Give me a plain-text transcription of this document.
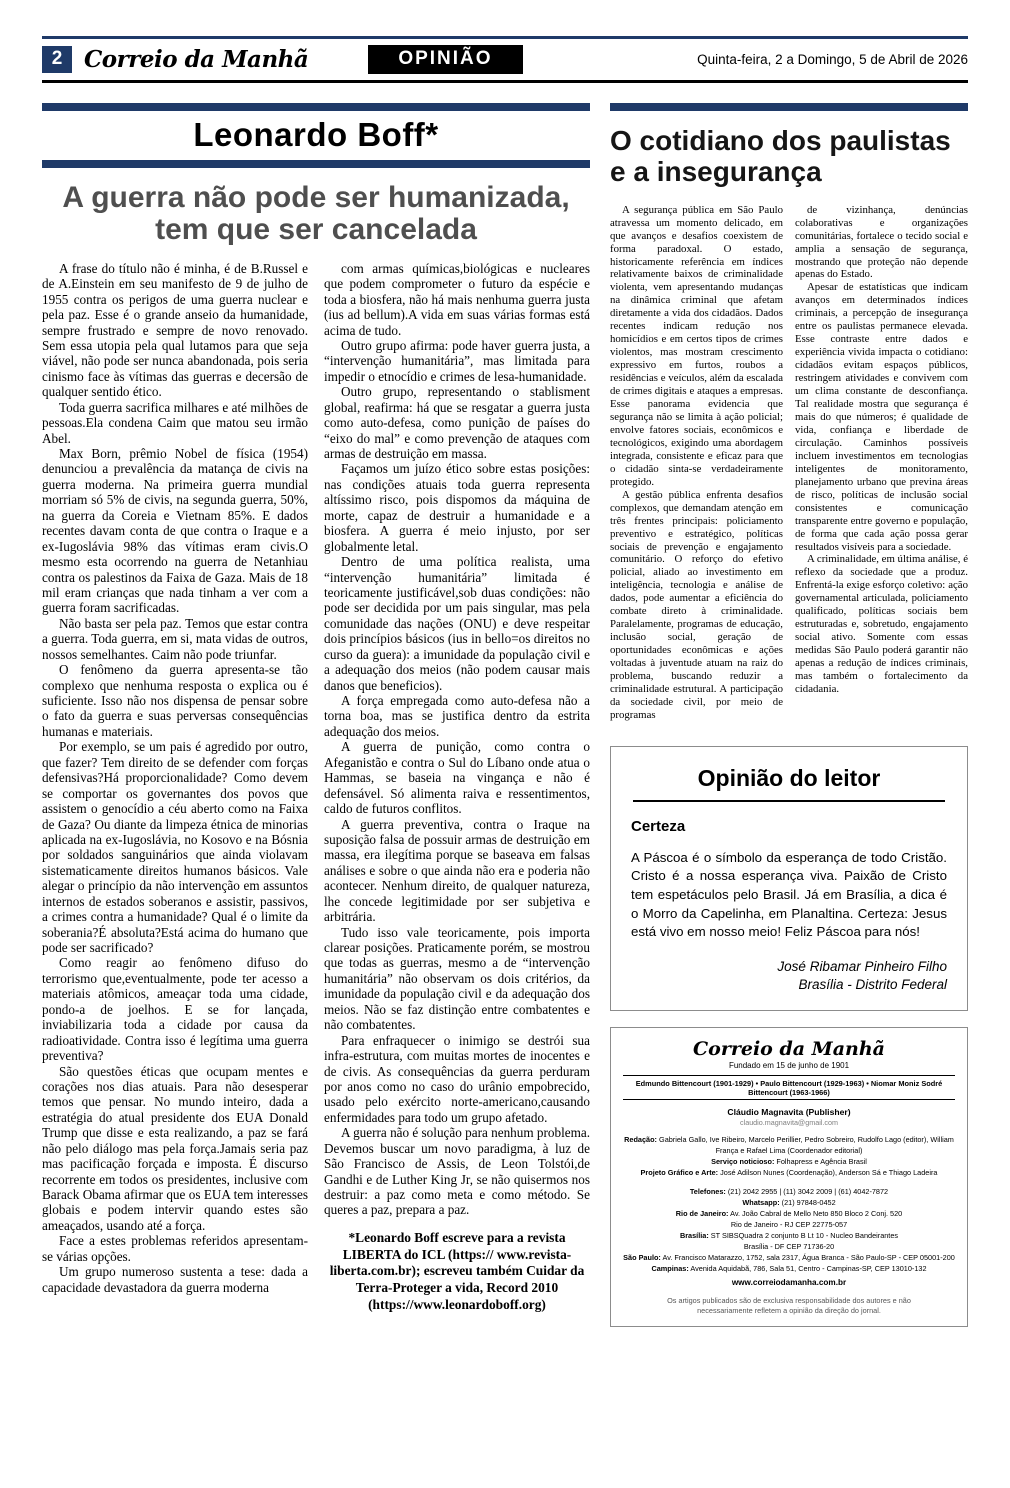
2 Correio da Manhã	OPINIÃO	Quinta-feira, 2 a Domingo, 5 de Abril de 2026
Leonardo Boff*
A guerra não pode ser humanizada, tem que ser cancelada

A frase do título não é minha, é de B.Russel e de A.Einstein em seu manifesto de 9 de julho de 1955 contra os perigos de uma guerra nuclear e pela paz. Esse é o grande anseio da humanidade, sempre frustrado e sempre de novo renovado. Sem essa utopia pela qual lutamos para que seja viável, não pode ser nunca abandonada, pois seria cinismo face às vítimas das guerras e decersão de qualquer sentido ético.

Toda guerra sacrifica milhares e até milhões de pessoas.Ela condena Caim que matou seu irmão Abel.

Max Born, prêmio Nobel de física (1954) denunciou a prevalência da matança de civis na guerra moderna. Na primeira guerra mundial morriam só 5% de civis, na segunda guerra, 50%, na guerra da Coreia e Vietnam 85%. E dados recentes davam conta de que contra o Iraque e a ex-Iugoslávia 98% das vítimas eram civis.O mesmo esta ocorrendo na guerra de Netanhiau contra os palestinos da Faixa de Gaza. Mais de 18 mil eram crianças que nada tinham a ver com a guerra foram sacrificadas.

Não basta ser pela paz. Temos que estar contra a guerra. Toda guerra, em si, mata vidas de outros, nossos semelhantes. Caim não pode triunfar.

O fenômeno da guerra apresenta-se tão complexo que nenhuma resposta o explica ou é suficiente. Isso não nos dispensa de pensar sobre o fato da guerra e suas perversas consequências humanas e materiais.

Por exemplo, se um pais é agredido por outro, que fazer? Tem direito de se defender com forças defensivas?Há proporcionalidade? Como devem se comportar os governantes dos povos que assistem o genocídio a céu aberto como na Faixa de Gaza? Ou diante da limpeza étnica de minorias aplicada na ex-Iugoslávia, no Kosovo e na Bósnia por soldados sanguinários que ainda violavam sistematicamente direitos humanos básicos. Vale alegar o princípio da não intervenção em assuntos internos de estados soberanos e assistir, passivos, a crimes contra a humanidade? Qual é o limite da soberania?É absoluta?Está acima do humano que pode ser sacrificado?

Como reagir ao fenômeno difuso do terrorismo que,eventualmente, pode ter acesso a materiais atômicos, ameaçar toda uma cidade, pondo-a de joelhos. E se for lançada, inviabilizaria toda a cidade por causa da radioatividade. Contra isso é legítima uma guerra preventiva?

São questões éticas que ocupam mentes e corações nos dias atuais. Para não desesperar temos que pensar. No mundo inteiro, dada a estratégia do atual presidente dos EUA Donald Trump que disse e esta realizando, a paz se fará não pelo diálogo mas pela força.Jamais seria paz mas pacificação forçada e imposta. É discurso recorrente em todos os presidentes, inclusive com Barack Obama afirmar que os EUA tem interesses globais e podem intervir quando estes são ameaçados, usando até a força.

Face a estes problemas referidos apresentam-se várias opções.

Um grupo numeroso sustenta a tese: dada a capacidade devastadora da guerra moderna

com armas químicas,biológicas e nucleares que podem comprometer o futuro da espécie e toda a biosfera, não há mais nenhuma guerra justa (ius ad bellum).A vida em suas várias formas está acima de tudo.

Outro grupo afirma: pode haver guerra justa, a “intervenção humanitária”, mas limitada para impedir o etnocídio e crimes de lesa-humanidade.

Outro grupo, representando o stablisment global, reafirma: há que se resgatar a guerra justa como auto-defesa, como punição de países do “eixo do mal” e como prevenção de ataques com armas de destruição em massa.

Façamos um juízo ético sobre estas posições: nas condições atuais toda guerra representa altíssimo risco, pois dispomos da máquina de morte, capaz de destruir a humanidade e a biosfera. A guerra é meio injusto, por ser globalmente letal.

Dentro de uma política realista, uma “intervenção humanitária” limitada é teoricamente justificável,sob duas condições: não pode ser decidida por um pais singular, mas pela comunidade das nações (ONU) e deve respeitar dois princípios básicos (ius in bello=os direitos no curso da guera): a imunidade da população civil e a adequação dos meios (não podem causar mais danos que beneficios).

A força empregada como auto-defesa não a torna boa, mas se justifica dentro da estrita adequação dos meios.

A guerra de punição, como contra o Afeganistão e contra o Sul do Líbano onde atua o Hammas, se baseia na vingança e não é defensável. Só alimenta raiva e ressentimentos, caldo de futuros conflitos.

A guerra preventiva, contra o Iraque na suposição falsa de possuir armas de destruição em massa, era ilegítima porque se baseava em falsas análises e sobre o que ainda não era e poderia não acontecer. Nenhum direito, de qualquer natureza, lhe concede legitimidade por ser subjetiva e arbitrária.

Tudo isso vale teoricamente, pois importa clarear posições. Praticamente porém, se mostrou que todas as guerras, mesmo a de “intervenção humanitária” não observam os dois critérios, da imunidade da população civil e da adequação dos meios. Não se faz distinção entre combatentes e não combatentes.

Para enfraquecer o inimigo se destrói sua infra-estrutura, com muitas mortes de inocentes e de civis. As consequências da guerra perduram por anos como no caso do urânio empobrecido, usado pelo exército norte-americano,causando enfermidades para todo um grupo afetado.

A guerra não é solução para nenhum problema. Devemos buscar um novo paradigma, à luz de São Francisco de Assis, de Leon Tolstói,de Gandhi e de Luther King Jr, se não quisermos nos destruir: a paz como meta e como método. Se queres a paz, prepara a paz.

*Leonardo Boff escreve para a revista LIBERTA do ICL (https:// www.revista-liberta.com.br); escreveu também Cuidar da Terra-Proteger a vida, Record 2010 (https://www.leonardoboff.org)

O cotidiano dos paulistas e a insegurança

A segurança pública em São Paulo atravessa um momento delicado, em que avanços e desafios coexistem de forma paradoxal. O estado, historicamente referência em índices relativamente baixos de criminalidade violenta, vem apresentando mudanças na dinâmica criminal que afetam diretamente a vida dos cidadãos. Dados recentes indicam redução nos homicídios e em certos tipos de crimes violentos, mas mostram crescimento expressivo em furtos, roubos a residências e veículos, além da escalada de crimes digitais e ataques a empresas. Esse panorama evidencia que segurança não se limita à ação policial; envolve fatores sociais, econômicos e tecnológicos, exigindo uma abordagem integrada, consistente e eficaz para que o cidadão sinta-se verdadeiramente protegido.

A gestão pública enfrenta desafios complexos, que demandam atenção em três frentes principais: policiamento preventivo e estratégico, políticas sociais de prevenção e engajamento comunitário. O reforço do efetivo policial, aliado ao investimento em inteligência, tecnologia e análise de dados, pode aumentar a eficiência do combate direto à criminalidade. Paralelamente, programas de educação, inclusão social, geração de oportunidades econômicas e ações voltadas à juventude atuam na raiz do problema, buscando reduzir a criminalidade estrutural. A participação da sociedade civil, por meio de programas

de vizinhança, denúncias colaborativas e organizações comunitárias, fortalece o tecido social e amplia a sensação de segurança, mostrando que proteção não depende apenas do Estado.

Apesar de estatísticas que indicam avanços em determinados índices criminais, a percepção de insegurança entre os paulistas permanece elevada. Esse contraste entre dados e experiência vivida impacta o cotidiano: cidadãos evitam espaços públicos, restringem atividades e convivem com um clima constante de desconfiança. Tal realidade mostra que segurança é mais do que números; é qualidade de vida, confiança e liberdade de circulação. Caminhos possíveis incluem investimentos em tecnologias inteligentes de monitoramento, planejamento urbano que previna áreas de risco, políticas de inclusão social consistentes e comunicação transparente entre governo e população, de forma que cada ação possa gerar resultados visíveis para a sociedade.

A criminalidade, em última análise, é reflexo da sociedade que a produz. Enfrentá-la exige esforço coletivo: ação governamental articulada, policiamento qualificado, políticas sociais bem estruturadas e, sobretudo, engajamento social ativo. Somente com essas medidas São Paulo poderá garantir não apenas a redução de índices criminais, mas também o fortalecimento da cidadania.

Opinião do leitor
Certeza

A Páscoa é o símbolo da esperança de todo Cristão. Cristo é a nossa esperança viva. Paixão de Cristo tem espetáculos pelo Brasil. Já em Brasília, a dica é o Morro da Capelinha, em Planaltina. Certeza: Jesus está vivo em nosso meio! Feliz Páscoa para nós!

José Ribamar Pinheiro Filho

Brasília - Distrito Federal

Correio da Manhã
Fundado em 15 de junho de 1901
Edmundo Bittencourt (1901-1929) • Paulo Bittencourt (1929-1963) • Niomar Moniz Sodré Bittencourt (1963-1966)
Cláudio Magnavita (Publisher)
claudio.magnavita@gmail.com
Redação: Gabriela Gallo, Ive Ribeiro, Marcelo Perillier, Pedro Sobreiro, Rudolfo Lago (editor), William França e Rafael Lima (Coordenador editorial)
Serviço noticioso: Folhapress e Agência Brasil
Projeto Gráfico e Arte: José Adilson Nunes (Coordenação), Anderson Sá e Thiago Ladeira
Telefones: (21) 2042 2955 | (11) 3042 2009 | (61) 4042-7872
Whatsapp: (21) 97848-0452
Rio de Janeiro: Av. João Cabral de Mello Neto 850 Bloco 2 Conj. 520
Rio de Janeiro - RJ CEP 22775-057
Brasília: ST SIBSQuadra 2 conjunto B Lt 10 - Nucleo Bandeirantes
Brasília - DF CEP 71736-20
São Paulo: Av. Francisco Matarazzo, 1752, sala 2317, Água Branca - São Paulo-SP - CEP 05001-200
Campinas: Avenida Aquidabã, 786, Sala 51, Centro - Campinas-SP, CEP 13010-132
www.correiodamanha.com.br
Os artigos publicados são de exclusiva responsabilidade dos autores e não necessariamente refletem a opinião da direção do jornal.
